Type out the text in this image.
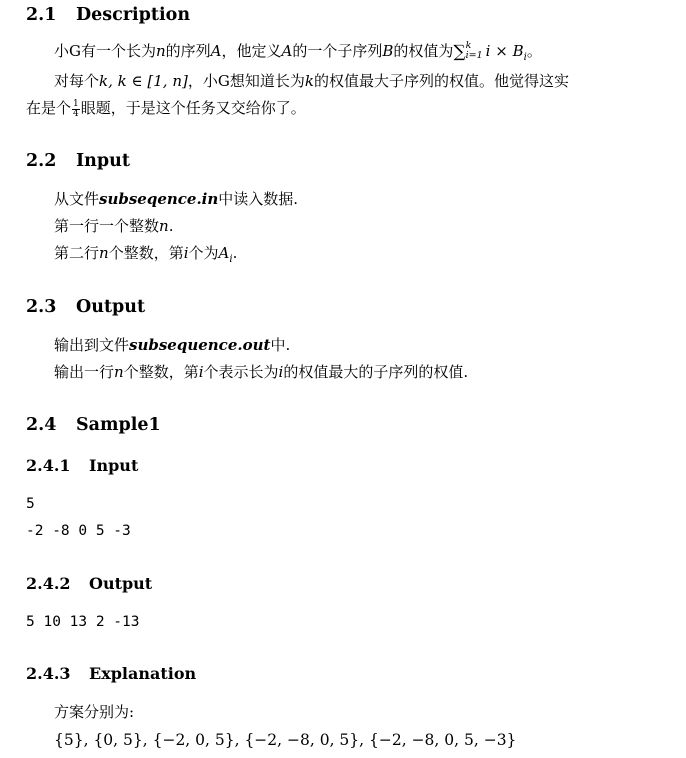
2.1 Description
小G有一个长为n的序列A，他定义A的一个子序列B的权值为∑ k
i=1 $i \times B_i$。
对每个k, k ∈ [1, n]，小G想知道长为k的权值最大子序列的权值。他觉得这实
在是个 $\frac{1}{4}$ 眼题，于是这个任务又交给你了。
2.2 Input
从文件subseqence.in中读入数据.
第一行一个整数n.
第二行n个整数，第i个为$A_i$.
2.3 Output
输出到文件subsequence.out中.
输出一行n个整数，第i个表示长为i的权值最大的子序列的权值.
2.4 Sample1
2.4.1 Input
5
-2 -8 0 5 -3
2.4.2 Output
5 10 13 2 -13
2.4.3 Explanation
方案分别为:
{5}, {0, 5}, {−2, 0, 5}, {−2, −8, 0, 5}, {−2, −8, 0, 5, −3}
